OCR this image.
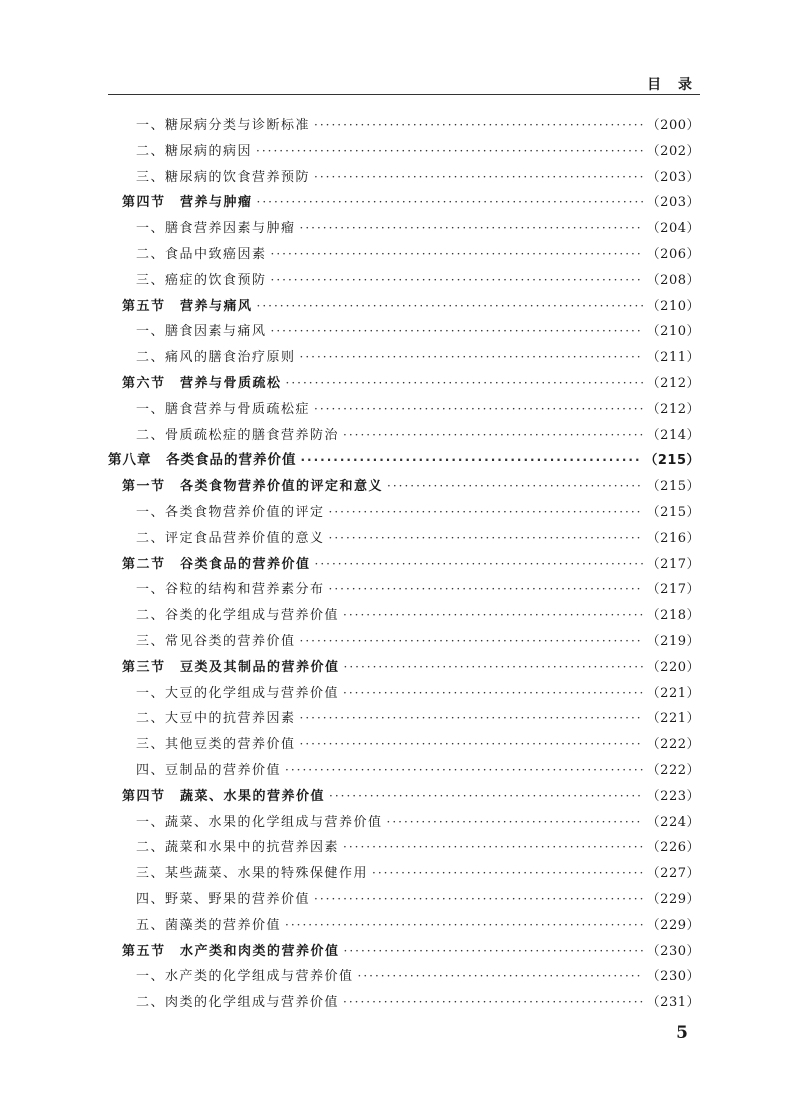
目 录
一、糖尿病分类与诊断标准 ·····	（200）
二、糖尿病的病因 ·····	（202）
三、糖尿病的饮食营养预防 ·····	（203）
第四节　营养与肿瘤 ·····	（203）
一、膳食营养因素与肿瘤 ·····	（204）
二、食品中致癌因素 ·····	（206）
三、癌症的饮食预防 ·····	（208）
第五节　营养与痛风 ·····	（210）
一、膳食因素与痛风 ·····	（210）
二、痛风的膳食治疗原则 ·····	（211）
第六节　营养与骨质疏松 ·····	（212）
一、膳食营养与骨质疏松症 ·····	（212）
二、骨质疏松症的膳食营养防治 ·····	（214）
第八章　各类食品的营养价值 ·····	（215）
第一节　各类食物营养价值的评定和意义 ·····	（215）
一、各类食物营养价值的评定 ·····	（215）
二、评定食品营养价值的意义 ·····	（216）
第二节　谷类食品的营养价值 ·····	（217）
一、谷粒的结构和营养素分布 ·····	（217）
二、谷类的化学组成与营养价值 ·····	（218）
三、常见谷类的营养价值 ·····	（219）
第三节　豆类及其制品的营养价值 ·····	（220）
一、大豆的化学组成与营养价值 ·····	（221）
二、大豆中的抗营养因素 ·····	（221）
三、其他豆类的营养价值 ·····	（222）
四、豆制品的营养价值 ·····	（222）
第四节　蔬菜、水果的营养价值 ·····	（223）
一、蔬菜、水果的化学组成与营养价值 ·····	（224）
二、蔬菜和水果中的抗营养因素 ·····	（226）
三、某些蔬菜、水果的特殊保健作用 ·····	（227）
四、野菜、野果的营养价值 ·····	（229）
五、菌藻类的营养价值 ·····	（229）
第五节　水产类和肉类的营养价值 ·····	（230）
一、水产类的化学组成与营养价值 ·····	（230）
二、肉类的化学组成与营养价值 ·····	（231）
5
